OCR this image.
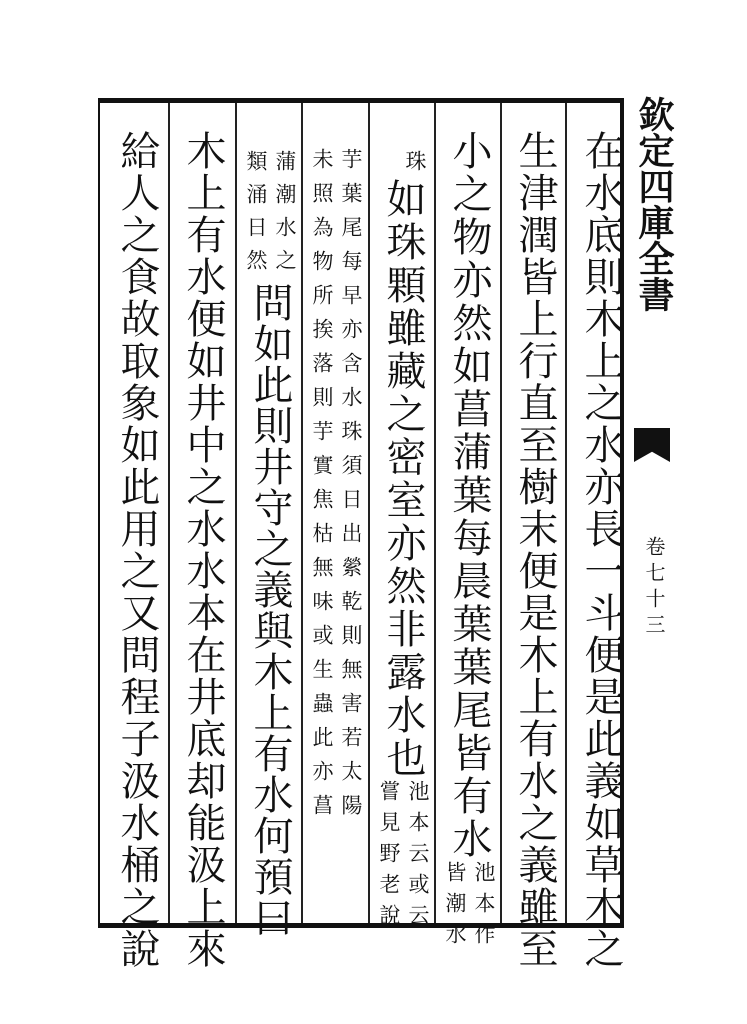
在水底則木上之水亦長一斗便是此義如草木之
生津潤皆上行直至樹末便是木上有水之義雖至
小之物亦然如菖蒲葉每晨葉葉尾皆有水
池本作
皆潮水
珠
如珠顆雖藏之密室亦然非露水也
池本云或云
嘗見野老說
芋葉尾每早亦含水珠須日出縈乾則無害若太陽
未照為物所挨落則芋實焦枯無味或生蟲此亦菖
蒲潮水之
類涌日然
問如此則井守之義與木上有水何預曰
木上有水便如井中之水水本在井底却能汲上來
給人之食故取象如此用之又問程子汲水桶之說	欽定四庫全書
卷七十三
